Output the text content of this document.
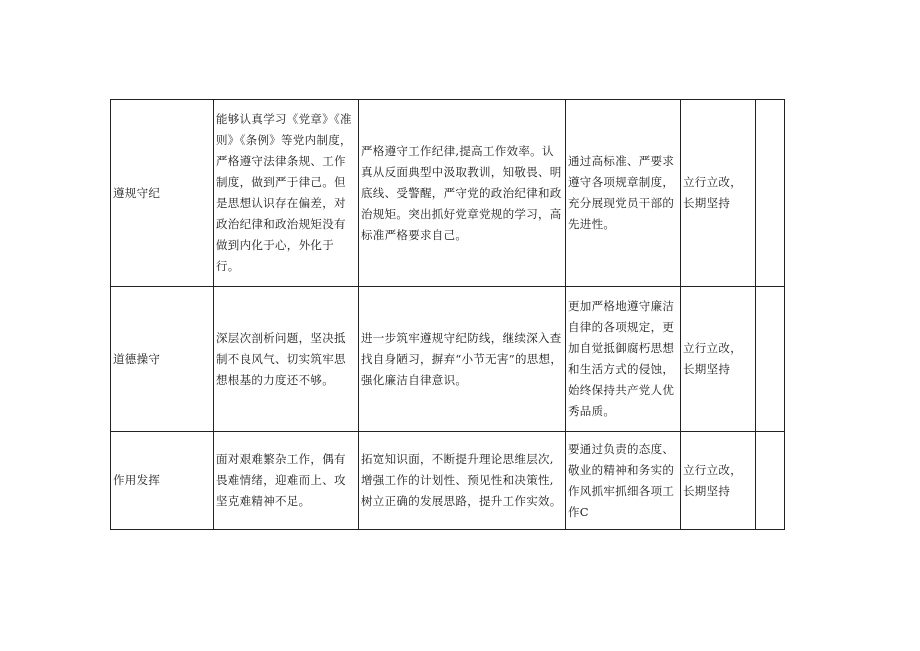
遵规守纪	能够认真学习《党章》《准则》《条例》等党内制度，严格遵守法律条规、工作制度，做到严于律己。但是思想认识存在偏差，对政治纪律和政治规矩没有做到内化于心，外化于行。	严格遵守工作纪律,提高工作效率。认真从反面典型中汲取教训，知敬畏、明底线、受警醒，严守党的政治纪律和政治规矩。突出抓好党章党规的学习，高标准严格要求自己。	通过高标准、严要求遵守各项规章制度，充分展现党员干部的先进性。	立行立改，长期坚持	
道德操守	深层次剖析问题，坚决抵制不良风气、切实筑牢思想根基的力度还不够。	进一步筑牢遵规守纪防线，继续深入查找自身陋习，摒弃“小节无害”的思想，强化廉洁自律意识。	更加严格地遵守廉洁自律的各项规定，更加自觉抵御腐朽思想和生活方式的侵蚀，始终保持共产党人优秀品质。	立行立改，长期坚持	
作用发挥	面对艰难繁杂工作，偶有畏难情绪，迎难而上、攻坚克难精神不足。	拓宽知识面，不断提升理论思维层次,增强工作的计划性、预见性和决策性,树立正确的发展思路，提升工作实效。	要通过负责的态度、敬业的精神和务实的作风抓牢抓细各项工作C	立行立改，长期坚持	
